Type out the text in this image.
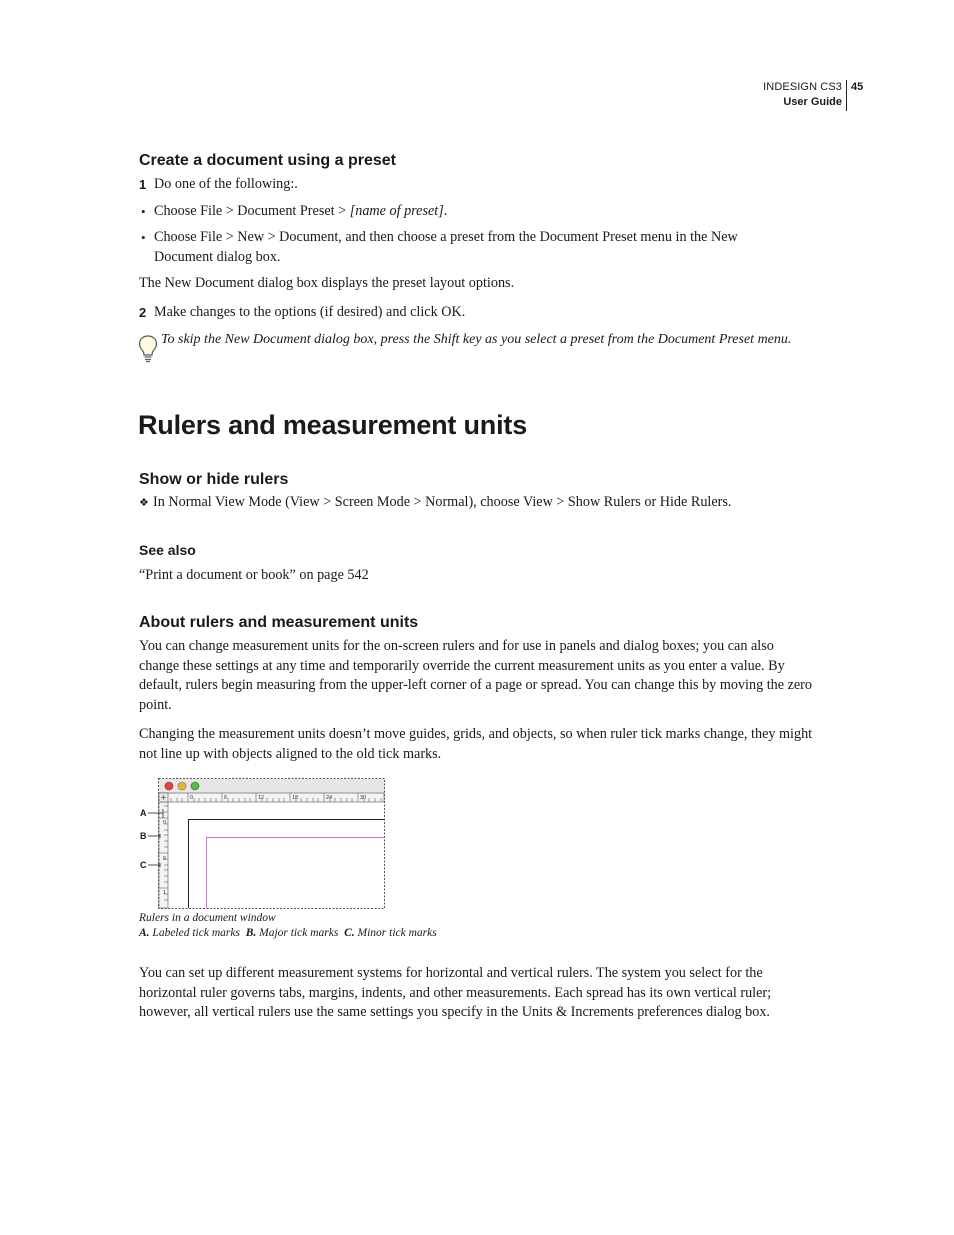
INDESIGN CS3
User Guide
45
Create a document using a preset
1 Do one of the following:.
• Choose File > Document Preset > [name of preset].
• Choose File > New > Document, and then choose a preset from the Document Preset menu in the New Document dialog box.
The New Document dialog box displays the preset layout options.
2 Make changes to the options (if desired) and click OK.
To skip the New Document dialog box, press the Shift key as you select a preset from the Document Preset menu.
Rulers and measurement units
Show or hide rulers
❖ In Normal View Mode (View > Screen Mode > Normal), choose View > Show Rulers or Hide Rulers.
See also
“Print a document or book” on page 542
About rulers and measurement units
You can change measurement units for the on-screen rulers and for use in panels and dialog boxes; you can also change these settings at any time and temporarily override the current measurement units as you enter a value. By default, rulers begin measuring from the upper-left corner of a page or spread. You can change this by moving the zero point.
Changing the measurement units doesn’t move guides, grids, and objects, so when ruler tick marks change, they might not line up with objects aligned to the old tick marks.
A
B
C
0	6	12	18	24	30
0
6
1
Rulers in a document window
A. Labeled tick marks B. Major tick marks C. Minor tick marks
You can set up different measurement systems for horizontal and vertical rulers. The system you select for the horizontal ruler governs tabs, margins, indents, and other measurements. Each spread has its own vertical ruler; however, all vertical rulers use the same settings you specify in the Units & Increments preferences dialog box.
